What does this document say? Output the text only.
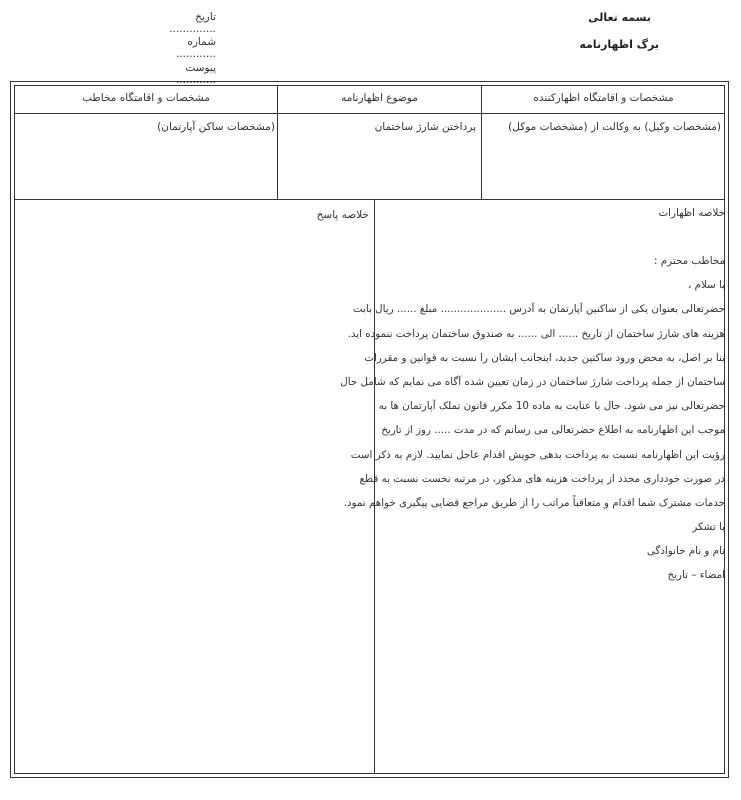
بسمه تعالی
برگ اظهارنامه
تاریخ ..............
شماره ............
پیوست ............
مشخصات و اقامتگاه اظهارکننده
موضوع اظهارنامه
مشخصات و اقامتگاه مخاطب
(مشخصات وکیل) به وکالت از (مشخصات موکل)
پرداختن شارژ ساختمان
(مشخصات ساکن آپارتمان)
خلاصه پاسخ	خلاصه اظهارات
مخاطب محترم :
با سلام ،
حضرتعالی بعنوان یکی از ساکنین آپارتمان به آدرس .................... مبلغ ...... ریال بابت
هزینه های شارژ ساختمان از تاریخ ...... الی ...... به صندوق ساختمان پرداخت ننموده اید.
بنا بر اصل، به محض ورود ساکنین جدید، اینجانب ایشان را نسبت به قوانین و مقررات
ساختمان از جمله پرداخت شارژ ساختمان در زمان تعیین شده آگاه می نمایم که شامل حال
حضرتعالی نیز می شود. حال با عنایت به ماده 10 مکرر قانون تملک آپارتمان ها به
موجب این اظهارنامه به اطلاع حضرتعالی می رسانم که در مدت ..... روز از تاریخ
رؤیت این اظهارنامه نسبت به پرداخت بدهی خویش اقدام عاجل نمایید. لازم به ذکر است
در صورت خودداری مجدد از پرداخت هزینه های مذکور، در مرتبه نخست نسبت به قطع
خدمات مشترک شما اقدام و متعاقباً مراتب را از طریق مراجع قضایی پیگیری خواهم نمود.
با تشکر
نام و نام خانوادگی
امضاء – تاریخ
